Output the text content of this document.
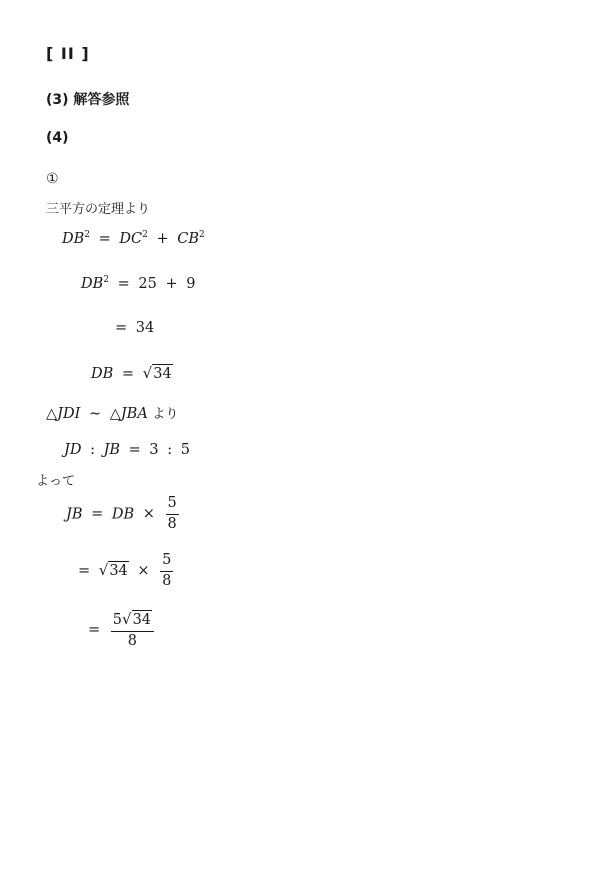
[ II ]
(3) 解答参照
(4)
①
三平方の定理より
$DB^2 = DC^2 + CB^2$
$DB^2 = 25 + 9$
= 34
DB = √34
△JDI ∼ △JBA より
JD : JB = 3 : 5
よって
JB = DB × $\frac{5}{8}$
= $√34 \times \frac{5}{8}$
= $\frac{5√34}{8}$
